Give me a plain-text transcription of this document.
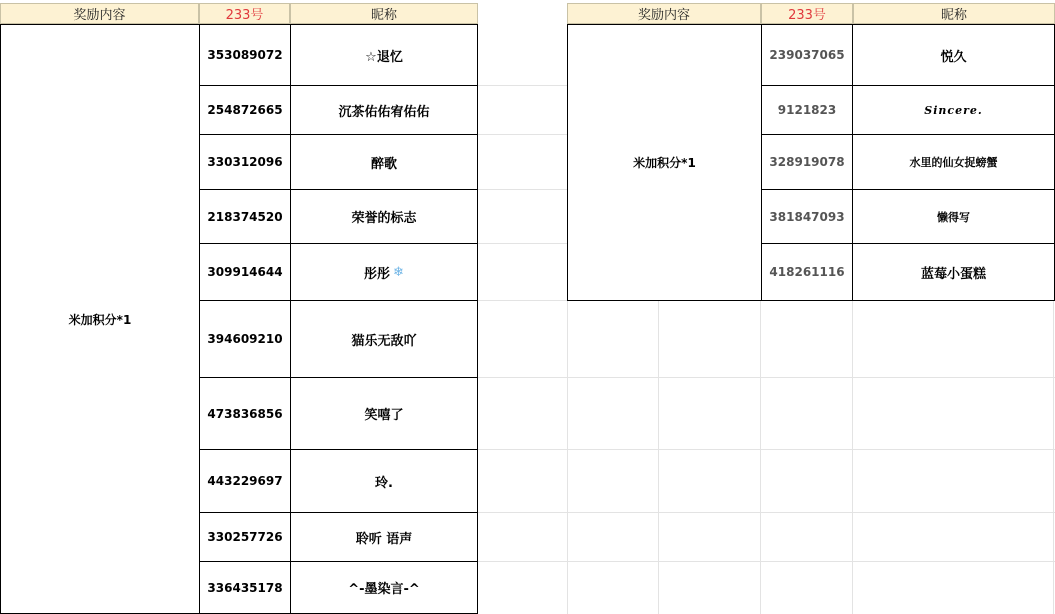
奖励内容	233号	昵称
米加积分*1
353089072	☆退忆
254872665	沉茶佑佑宥佑佑
330312096	醉歌
218374520	荣誉的标志
309914644	彤彤 ❄
394609210	猫乐无敌吖
473836856	笑嘻了
443229697	玲.
330257726	聆听 语声
336435178	^-墨染言-^
奖励内容	233号	昵称
米加积分*1
239037065	悦久
9121823	Sincere.
328919078	水里的仙女捉螃蟹
381847093	懒得写
418261116	蓝莓小蛋糕
